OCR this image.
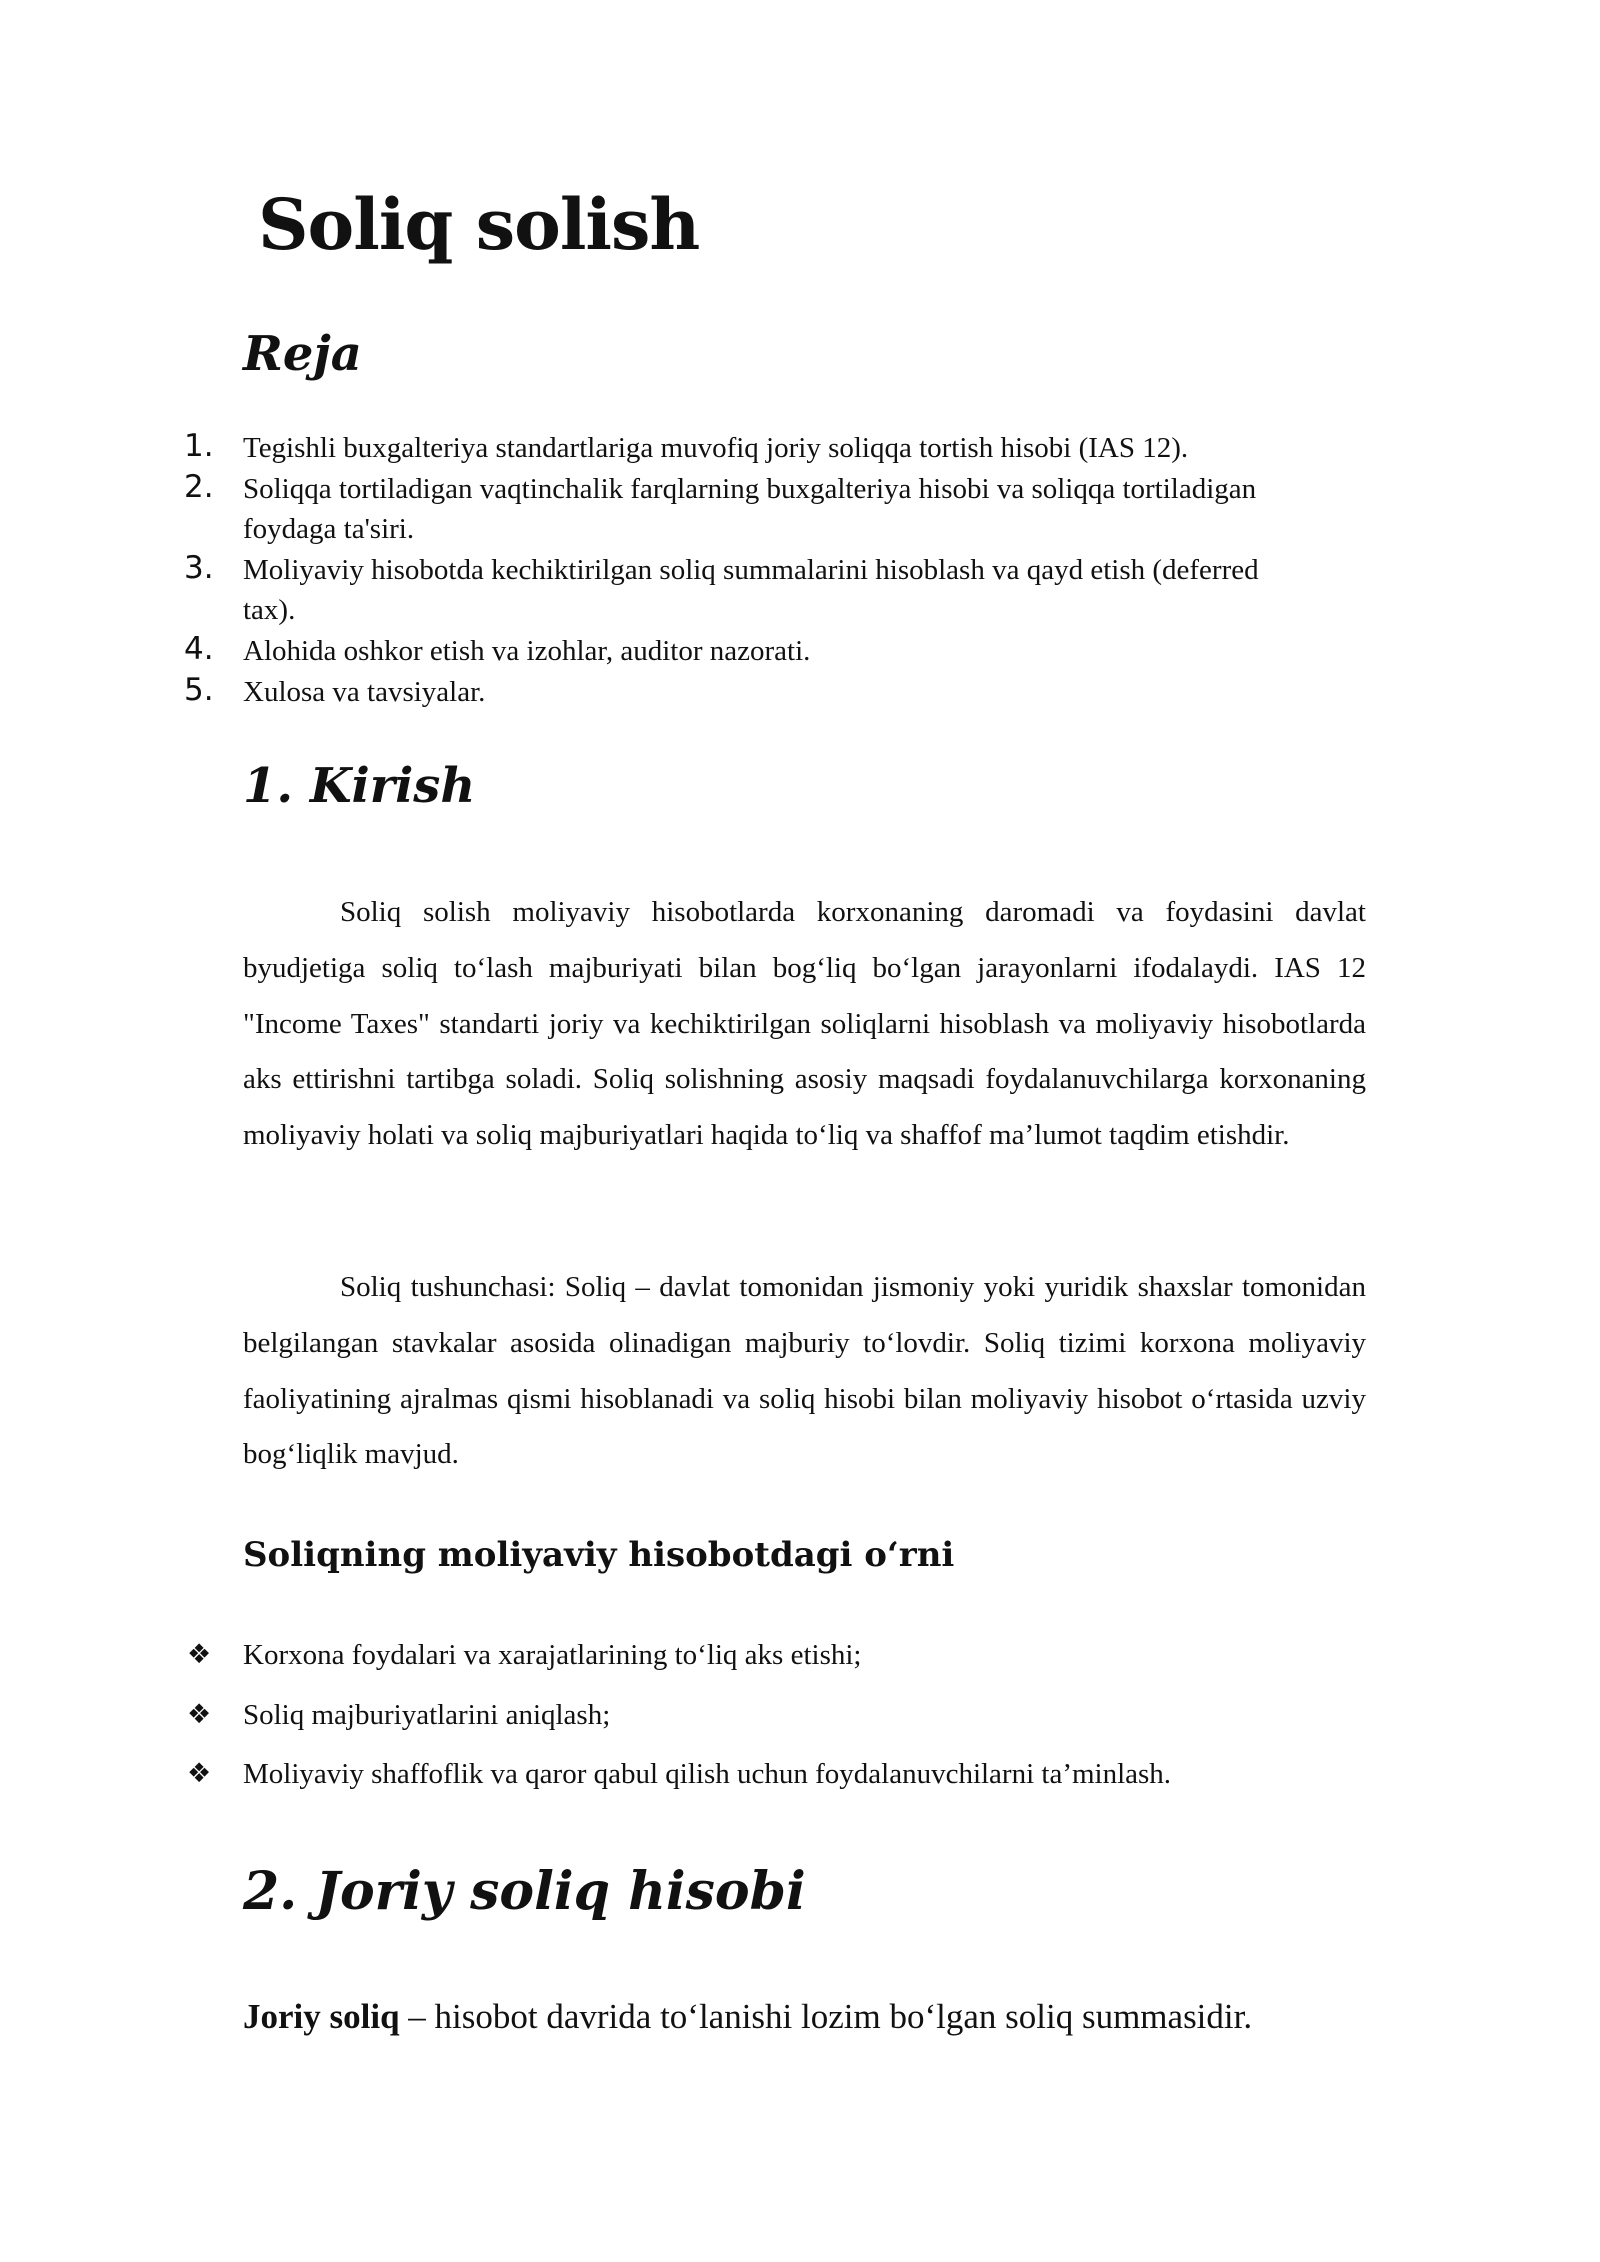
Soliq solish
Reja
1. Tegishli buxgalteriya standartlariga muvofiq joriy soliqqa tortish hisobi (IAS 12).
2. Soliqqa tortiladigan vaqtinchalik farqlarning buxgalteriya hisobi va soliqqa tortiladigan foydaga ta'siri.
3. Moliyaviy hisobotda kechiktirilgan soliq summalarini hisoblash va qayd etish (deferred tax).
4. Alohida oshkor etish va izohlar, auditor nazorati.
5. Xulosa va tavsiyalar.
1. Kirish

Soliq solish moliyaviy hisobotlarda korxonaning daromadi va foydasini davlat byudjetiga soliq to‘lash majburiyati bilan bog‘liq bo‘lgan jarayonlarni ifodalaydi. IAS 12 "Income Taxes" standarti joriy va kechiktirilgan soliqlarni hisoblash va moliyaviy hisobotlarda aks ettirishni tartibga soladi. Soliq solishning asosiy maqsadi foydalanuvchilarga korxonaning moliyaviy holati va soliq majburiyatlari haqida to‘liq va shaffof ma’lumot taqdim etishdir.

Soliq tushunchasi: Soliq – davlat tomonidan jismoniy yoki yuridik shaxslar tomonidan belgilangan stavkalar asosida olinadigan majburiy to‘lovdir. Soliq tizimi korxona moliyaviy faoliyatining ajralmas qismi hisoblanadi va soliq hisobi bilan moliyaviy hisobot o‘rtasida uzviy bog‘liqlik mavjud.

Soliqning moliyaviy hisobotdagi o‘rni
❖ Korxona foydalari va xarajatlarining to‘liq aks etishi;
❖ Soliq majburiyatlarini aniqlash;
❖ Moliyaviy shaffoflik va qaror qabul qilish uchun foydalanuvchilarni ta’minlash.
2. Joriy soliq hisobi

Joriy soliq – hisobot davrida to‘lanishi lozim bo‘lgan soliq summasidir.
